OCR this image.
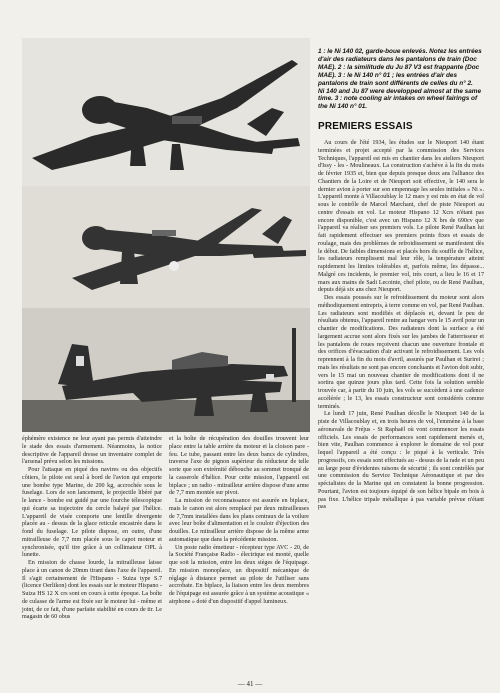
1 : le Ni 140 02, garde-boue enlevés. Notez les entrées d'air des radiateurs dans les pantalons de train (Doc MAE). 2 : la similitude du Ju 87 V3 est frappante (Doc MAE). 3 : le Ni 140 n° 01 ; les entrées d'air des pantalons de train sont différents de celles du n° 2.

Ni 140 and Ju 87 were developped almost at the same time. 3 : note cooling air intakes on wheel fairings of the Ni 140 n° 01.

PREMIERS ESSAIS

Au cours de l'été 1934, les études sur le Nieuport 140 étant terminées et projet accepté par la commission des Services Techniques, l'appareil est mis en chantier dans les ateliers Nieuport d'Issy - les - Moulineaux. La construction s'achève à la fin du mois de février 1935 et, bien que depuis presque deux ans l'alliance des Chantiers de la Loire et de Nieuport soit effective, le 140 sera le dernier avion à porter sur son empennage les seules initiales « Ni ». L'appareil monte à Villacoublay le 12 mars y est mis en état de vol sous le contrôle de Marcel Marchant, chef de piste Nieuport au centre d'essais en vol. Le moteur Hispano 12 Xcrs n'étant pas encore disponible, c'est avec un Hispano 12 X brs de 690cv que l'appareil va réaliser ses premiers vols. Le pilote René Paulhan lui fait rapidement effectuer ses premiers points fixes et essais de roulage, mais des problèmes de refroidissement se manifestent dès le début. De faibles dimensions et placés hors du souffle de l'hélice, les radiateurs remplissent mal leur rôle, la température atteint rapidement les limites tolérables et, parfois même, les dépasse... Malgré ces incidents, le premier vol, très court, a lieu le 16 et 17 mars aux mains de Sadi Lecointe, chef pilote, ou de René Paulhan, depuis déjà six ans chez Nieuport.

Des essais poussés sur le refroidissement du moteur sont alors méthodiquement entrepris, à terre comme en vol, par René Paulhan. Les radiateurs sont modifiés et déplacés et, devant le peu de résultats obtenus, l'appareil rentre au hangar vers le 15 avril pour un chantier de modifications. Des radiateurs dont la surface a été largement accrue sont alors fixés sur les jambes de l'atterrisseur et les pantalons de roues reçoivent chacun une ouverture frontale et des orifices d'évacuation d'air activant le refroidissement. Les vols reprennent à la fin du mois d'avril, assurés par Paulhan et Surirei ; mais les résultats ne sont pas encore concluants et l'avion doit subir, vers le 15 mai un nouveau chantier de modifications dont il ne sortira que quinze jours plus tard. Cette fois la solution semble trouvée car, à partir du 10 juin, les vols se succèdent à une cadence accélérée ; le 13, les essais constructeur sont considérés comme terminés.

Le lundi 17 juin, René Paulhan décolle le Nieuport 140 de la piste de Villacoublay et, en trois heures de vol, l'emmène à la base aéronavale de Fréjus - St Raphaël où vont commencer les essais officiels. Les essais de performances sont rapidement menés et, bien vite, Paulhan commence à explorer le domaine de vol pour lequel l'appareil a été conçu : le piqué à la verticale. Très progressifs, ces essais sont effectués au - dessus de la rade et un peu au large pour d'évidentes raisons de sécurité ; ils sont contrôlés par une commission du Service Technique Aéronautique et par des spécialistes de la Marine qui en constatent la bonne progression. Pourtant, l'avion est toujours équipé de son hélice bipale en bois à pas fixe. L'hélice tripale métallique à pas variable prévue n'étant pas

éphémère existence ne leur ayant pas permis d'atteindre le stade des essais d'armement. Néanmoins, la notice descriptive de l'appareil dresse un inventaire complet de l'arsenal prévu selon les missions.

Pour l'attaque en piqué des navires ou des objectifs côtiers, le pilote est seul à bord de l'avion qui emporte une bombe type Marine, de 200 kg, accrochée sous le fuselage. Lors de son lancement, le projectile libéré par le lance - bombe est guidé par une fourche télescopique qui écarte sa trajectoire du cercle balayé par l'hélice. L'appareil de visée comporte une lentille divergente placée au - dessus de la glace reticule encastrée dans le fond du fuselage. Le pilote dispose, en outre, d'une mitrailleuse de 7,7 mm placée sous le capot moteur et synchronisée, qu'il tire grâce à un collimateur OPL à lunette.

En mission de chasse lourde, la mitrailleuse laisse place à un canon de 20mm tirant dans l'axe de l'appareil. Il s'agit certainement de l'Hispano - Suiza type S.7 (licence Oerlikon) dont les essais sur le moteur Hispano - Suiza HS 12 X crs sont en cours à cette époque. La boîte de culasse de l'arme est fixée sur le moteur lui - même et joint, de ce fait, d'une parfaite stabilité en cours de tir. Le magasin de 60 obus

et la boîte de récupération des douilles trouvent leur place entre la table arrière du moteur et la cloison pare - feu. Le tube, passant entre les deux bancs de cylindres, traverse l'axe de pignon supérieur du réducteur de telle sorte que son extrémité débouche au sommet tronqué de la casserole d'hélice. Pour cette mission, l'appareil est biplace ; un radio - mitrailleur arrière dispose d'une arme de 7,7 mm montée sur pivot.

La mission de reconnaissance est assurée en biplace, mais le canon est alors remplacé par deux mitrailleuses de 7,7mm installées dans les plans centraux de la voilure avec leur boîte d'alimentation et le couloir d'éjection des douilles. Le mitrailleur arrière dispose de la même arme automatique que dans la précédente mission.

Un poste radio émetteur - récepteur type AVC - 20, de la Société Française Radio - électrique est monté, quelle que soit la mission, entre les deux sièges de l'équipage. En mission monoplace, un dispositif mécanique de réglage à distance permet au pilote de l'utiliser sans accrobate. En biplace, la liaison entre les deux membres de l'équipage est assurée grâce à un système acoustique « airphone » doté d'un dispositif d'appel lumineux.

— 41 —
